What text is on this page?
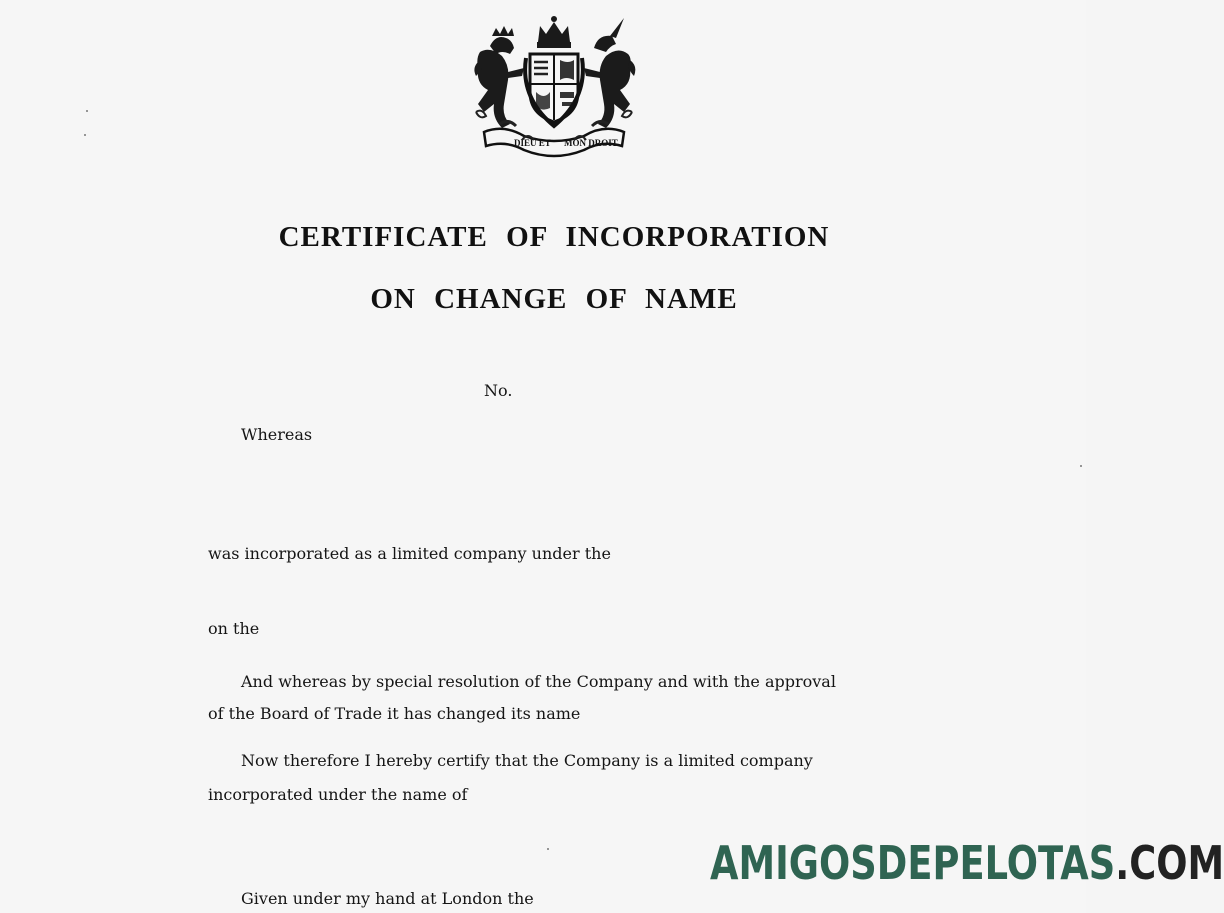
DIEU ET MON DROIT
CERTIFICATE OF INCORPORATION
ON CHANGE OF NAME
No.
Whereas
was incorporated as a limited company under the
on the
And whereas by special resolution of the Company and with the approval
of the Board of Trade it has changed its name
Now therefore I hereby certify that the Company is a limited company
incorporated under the name of
Given under my hand at London the
AMIGOSDEPELOTAS.COM
